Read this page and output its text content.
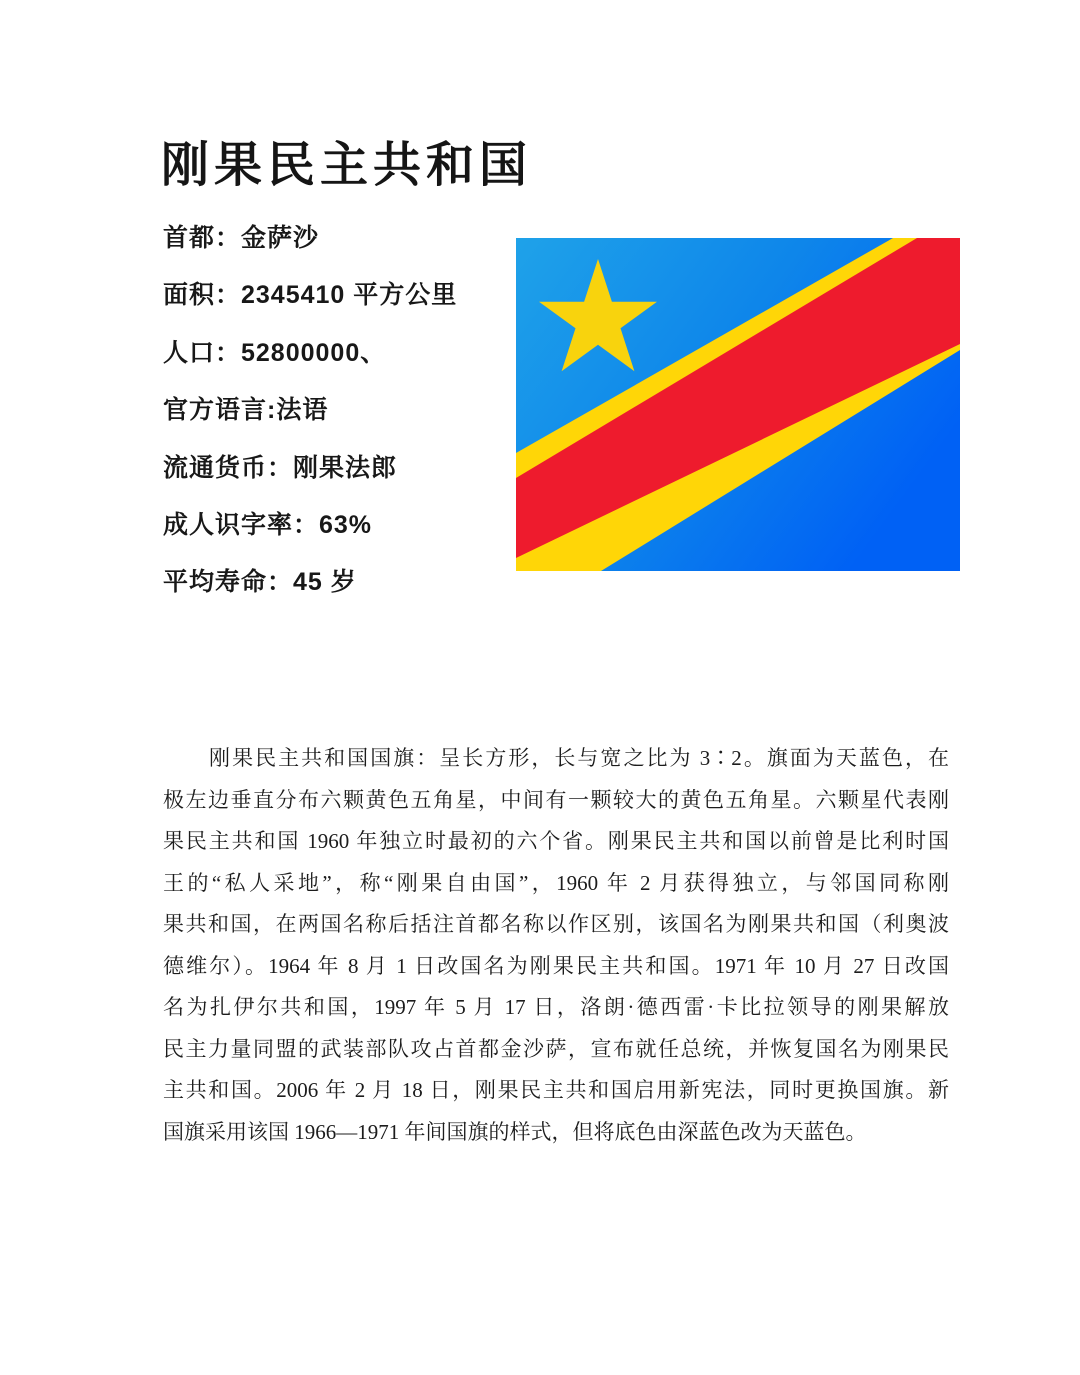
刚果民主共和国
首都：金萨沙
面积：2345410 平方公里
人口：52800000、
官方语言:法语
流通货币：刚果法郎
成人识字率：63%
平均寿命：45 岁
　　刚果民主共和国国旗：呈长方形，长与宽之比为 3∶2。旗面为天蓝色，在
极左边垂直分布六颗黄色五角星，中间有一颗较大的黄色五角星。六颗星代表刚
果民主共和国 1960 年独立时最初的六个省。刚果民主共和国以前曾是比利时国
王的“私人采地”，称“刚果自由国”，1960 年 2 月获得独立，与邻国同称刚
果共和国，在两国名称后括注首都名称以作区别，该国名为刚果共和国（利奥波
德维尔）。1964 年 8 月 1 日改国名为刚果民主共和国。1971 年 10 月 27 日改国
名为扎伊尔共和国，1997 年 5 月 17 日，洛朗·德西雷·卡比拉领导的刚果解放
民主力量同盟的武装部队攻占首都金沙萨，宣布就任总统，并恢复国名为刚果民
主共和国。2006 年 2 月 18 日，刚果民主共和国启用新宪法，同时更换国旗。新
国旗采用该国 1966—1971 年间国旗的样式，但将底色由深蓝色改为天蓝色。
